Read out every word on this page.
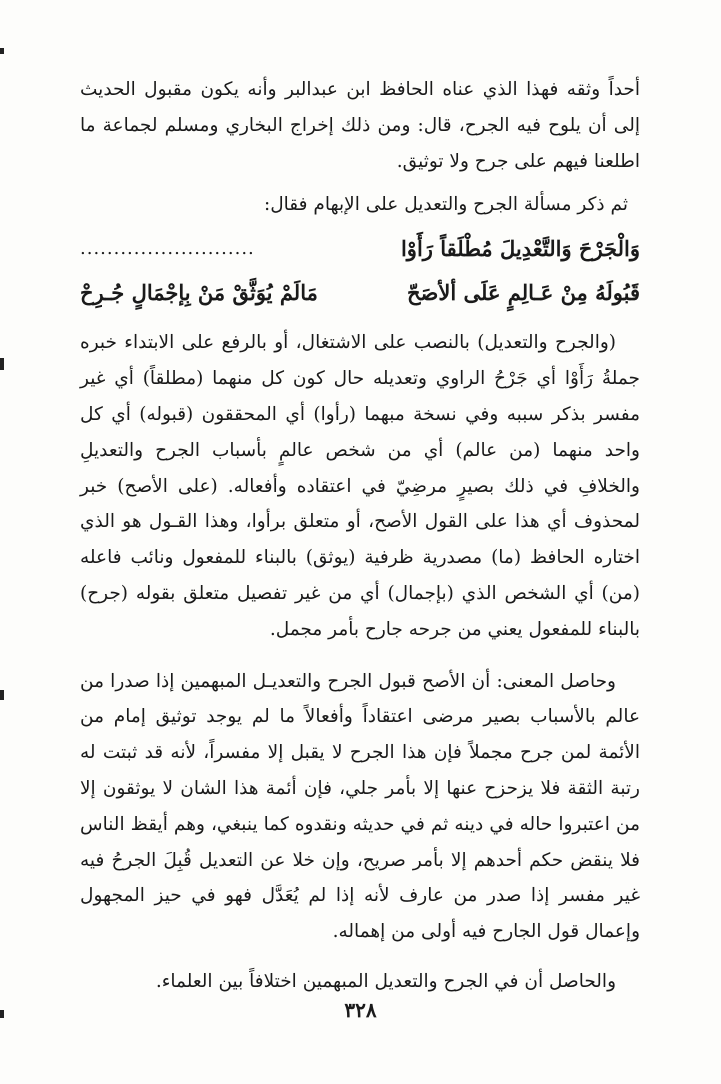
أحداً وثقه فهذا الذي عناه الحافظ ابن عبدالبر وأنه يكون مقبول الحديث إلى أن يلوح فيه الجرح، قال: ومن ذلك إخراج البخاري ومسلم لجماعة ما اطلعنا فيهم على جرح ولا توثيق.

ثم ذكر مسألة الجرح والتعديل على الإبهام فقال:

وَالْجَرْحَ وَالتَّعْدِيلَ مُطْلَقاً رَأَوْا
..........................
قَبُولَهُ مِنْ عَـالِمٍ عَلَى ألأصَحّ
مَالَمْ يُوَثَّقْ مَنْ بِإجْمَالٍ جُـرِحْ

(والجرح والتعديل) بالنصب على الاشتغال، أو بالرفع على الابتداء خبره جملةُ رَأَوْا أي جَرْحُ الراوي وتعديله حال كون كل منهما (مطلقاً) أي غير مفسر بذكر سببه وفي نسخة مبهما (رأوا) أي المحققون (قبوله) أي كل واحد منهما (من عالم) أي من شخص عالمٍ بأسباب الجرح والتعديلِ والخلافِ في ذلك بصيرٍ مرضِيّ في اعتقاده وأفعاله. (على الأصح) خبر لمحذوف أي هذا على القول الأصح، أو متعلق برأوا، وهذا القـول هو الذي اختاره الحافظ (ما) مصدرية ظرفية (يوثق) بالبناء للمفعول ونائب فاعله (من) أي الشخص الذي (بإجمال) أي من غير تفصيل متعلق بقوله (جرح) بالبناء للمفعول يعني من جرحه جارح بأمر مجمل.

وحاصل المعنى: أن الأصح قبول الجرح والتعديـل المبهمين إذا صدرا من عالم بالأسباب بصير مرضى اعتقاداً وأفعالاً ما لم يوجد توثيق إمام من الأئمة لمن جرح مجملاً فإن هذا الجرح لا يقبل إلا مفسراً، لأنه قد ثبتت له رتبة الثقة فلا يزحزح عنها إلا بأمر جلي، فإن أئمة هذا الشان لا يوثقون إلا من اعتبروا حاله في دينه ثم في حديثه ونقدوه كما ينبغي، وهم أيقظ الناس فلا ينقض حكم أحدهم إلا بأمر صريح، وإن خلا عن التعديل قُبِلَ الجرحُ فيه غير مفسر إذا صدر من عارف لأنه إذا لم يُعَدَّل فهو في حيز المجهول وإعمال قول الجارح فيه أولى من إهماله.

والحاصل أن في الجرح والتعديل المبهمين اختلافاً بين العلماء.

٣٢٨
